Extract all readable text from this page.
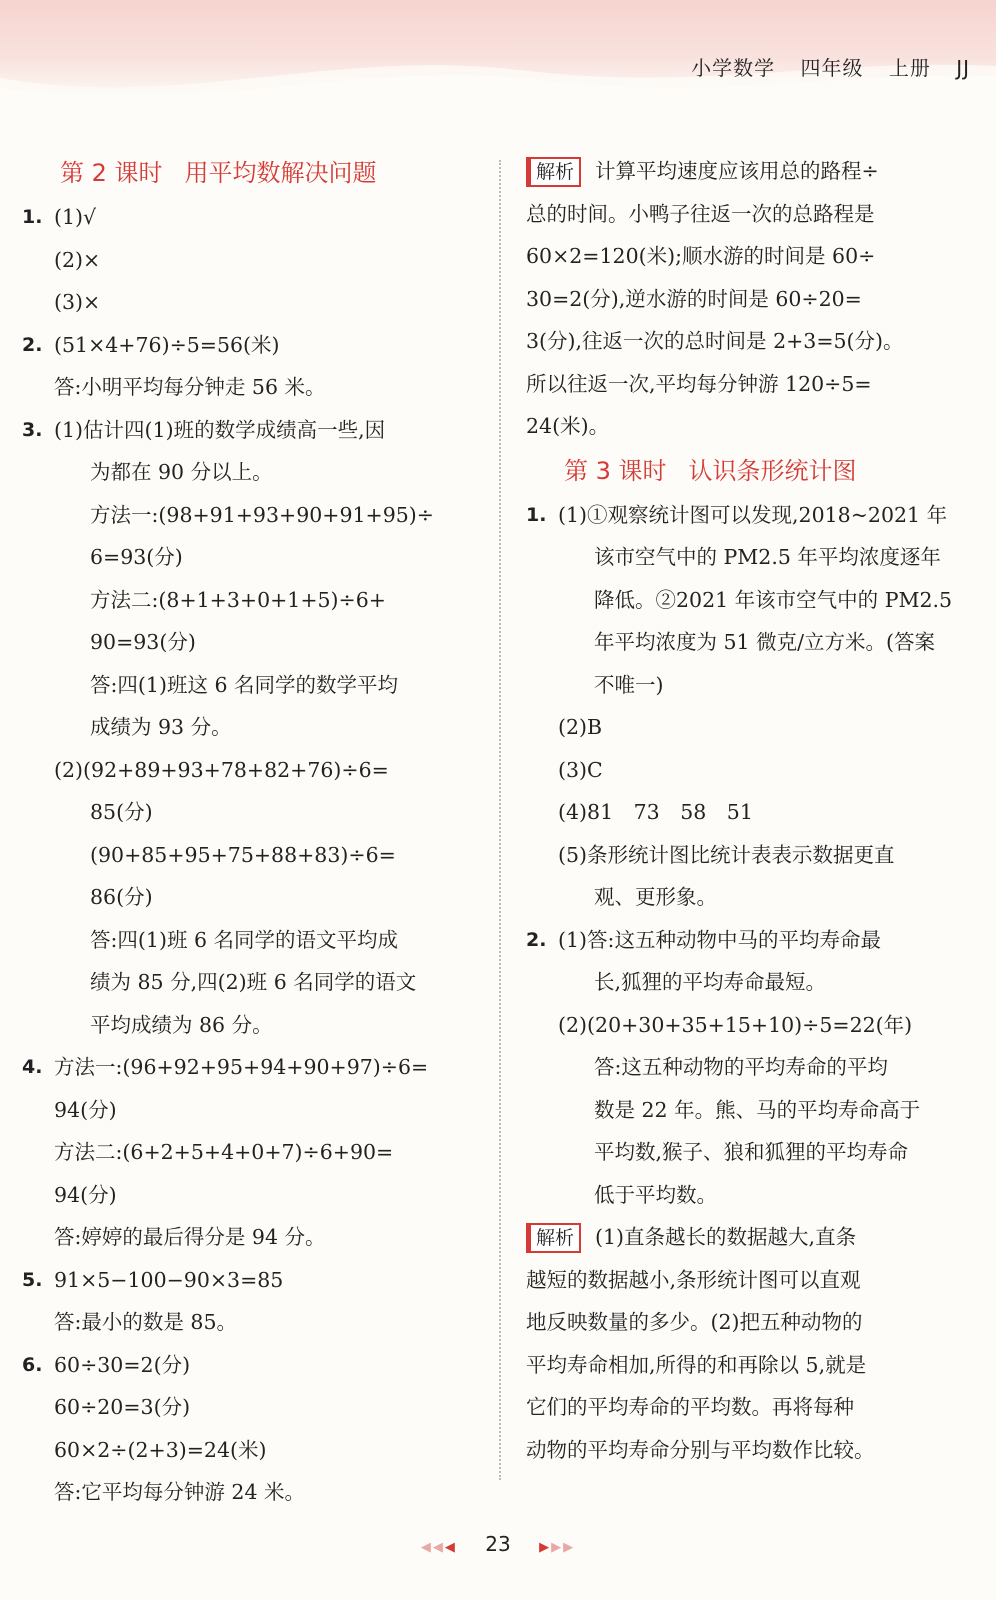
小学数学 四年级 上册 JJ
第 2 课时 用平均数解决问题
1. (1)√
(2)×
(3)×
2. (51×4+76)÷5=56(米)
答:小明平均每分钟走 56 米。
3. (1)估计四(1)班的数学成绩高一些,因
为都在 90 分以上。
方法一:(98+91+93+90+91+95)÷
6=93(分)
方法二:(8+1+3+0+1+5)÷6+
90=93(分)
答:四(1)班这 6 名同学的数学平均
成绩为 93 分。
(2)(92+89+93+78+82+76)÷6=
85(分)
(90+85+95+75+88+83)÷6=
86(分)
答:四(1)班 6 名同学的语文平均成
绩为 85 分,四(2)班 6 名同学的语文
平均成绩为 86 分。
4. 方法一:(96+92+95+94+90+97)÷6=
94(分)
方法二:(6+2+5+4+0+7)÷6+90=
94(分)
答:婷婷的最后得分是 94 分。
5. 91×5−100−90×3=85
答:最小的数是 85。
6. 60÷30=2(分)
60÷20=3(分)
60×2÷(2+3)=24(米)
答:它平均每分钟游 24 米。
解析 计算平均速度应该用总的路程÷
总的时间。小鸭子往返一次的总路程是
60×2=120(米);顺水游的时间是 60÷
30=2(分),逆水游的时间是 60÷20=
3(分),往返一次的总时间是 2+3=5(分)。
所以往返一次,平均每分钟游 120÷5=
24(米)。
第 3 课时 认识条形统计图
1. (1)①观察统计图可以发现,2018~2021 年
该市空气中的 PM2.5 年平均浓度逐年
降低。②2021 年该市空气中的 PM2.5
年平均浓度为 51 微克/立方米。(答案
不唯一)
(2)B
(3)C
(4)81　73　58　51
(5)条形统计图比统计表表示数据更直
观、更形象。
2. (1)答:这五种动物中马的平均寿命最
长,狐狸的平均寿命最短。
(2)(20+30+35+15+10)÷5=22(年)
答:这五种动物的平均寿命的平均
数是 22 年。熊、马的平均寿命高于
平均数,猴子、狼和狐狸的平均寿命
低于平均数。
解析 (1)直条越长的数据越大,直条
越短的数据越小,条形统计图可以直观
地反映数量的多少。(2)把五种动物的
平均寿命相加,所得的和再除以 5,就是
它们的平均寿命的平均数。再将每种
动物的平均寿命分别与平均数作比较。
◀◀◀ 23 ▶▶▶
